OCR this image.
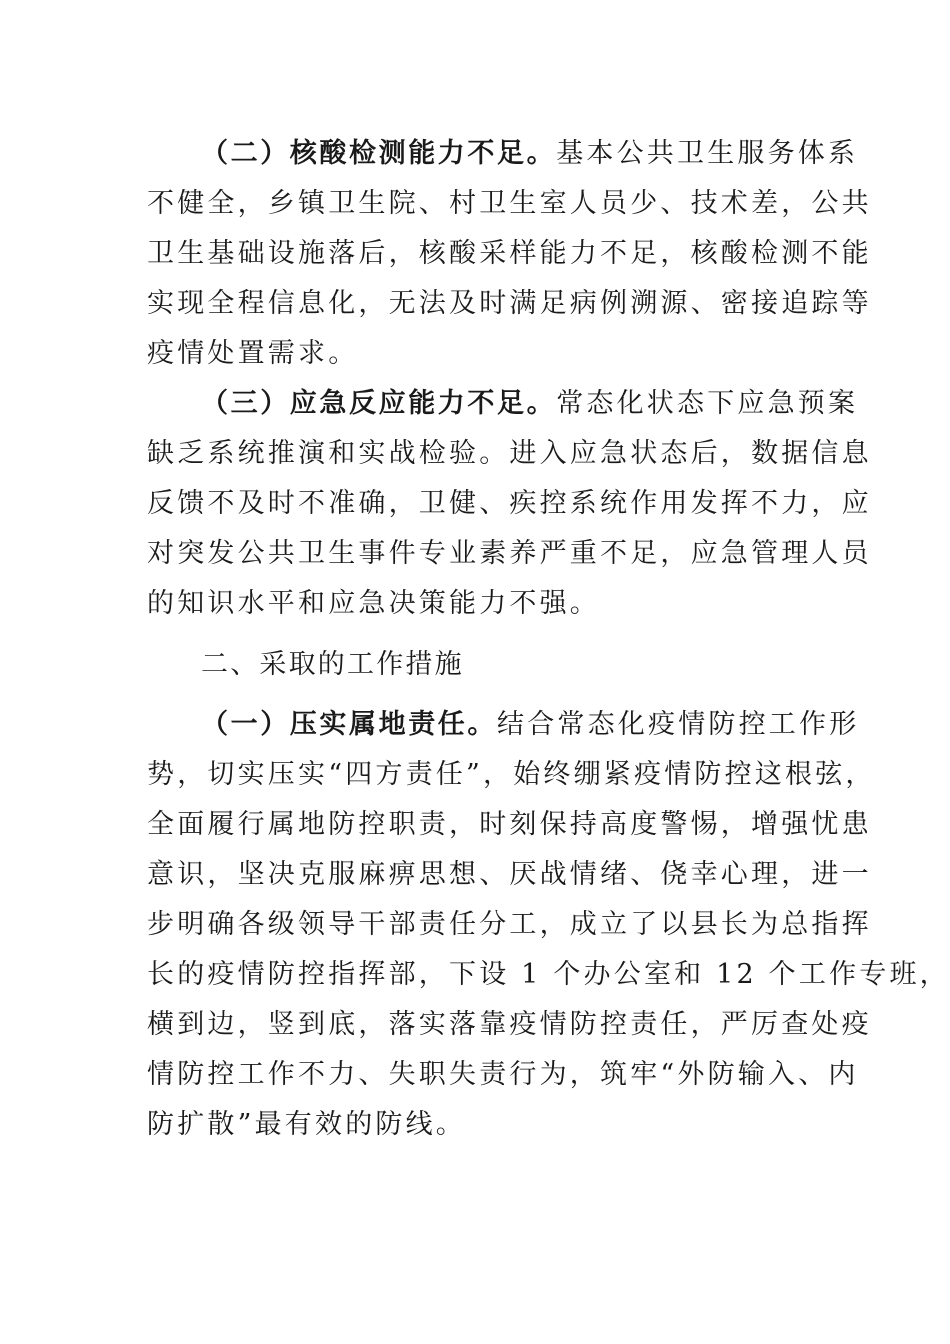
（二）核酸检测能力不足。基本公共卫生服务体系
不健全，乡镇卫生院、村卫生室人员少、技术差，公共
卫生基础设施落后，核酸采样能力不足，核酸检测不能
实现全程信息化，无法及时满足病例溯源、密接追踪等
疫情处置需求。
（三）应急反应能力不足。常态化状态下应急预案
缺乏系统推演和实战检验。进入应急状态后，数据信息
反馈不及时不准确，卫健、疾控系统作用发挥不力，应
对突发公共卫生事件专业素养严重不足，应急管理人员
的知识水平和应急决策能力不强。
二、采取的工作措施
（一）压实属地责任。结合常态化疫情防控工作形
势，切实压实“四方责任”，始终绷紧疫情防控这根弦，
全面履行属地防控职责，时刻保持高度警惕，增强忧患
意识，坚决克服麻痹思想、厌战情绪、侥幸心理，进一
步明确各级领导干部责任分工，成立了以县长为总指挥
长的疫情防控指挥部，下设 1 个办公室和 12 个工作专班，
横到边，竖到底，落实落靠疫情防控责任，严厉查处疫
情防控工作不力、失职失责行为，筑牢“外防输入、内
防扩散”最有效的防线。
